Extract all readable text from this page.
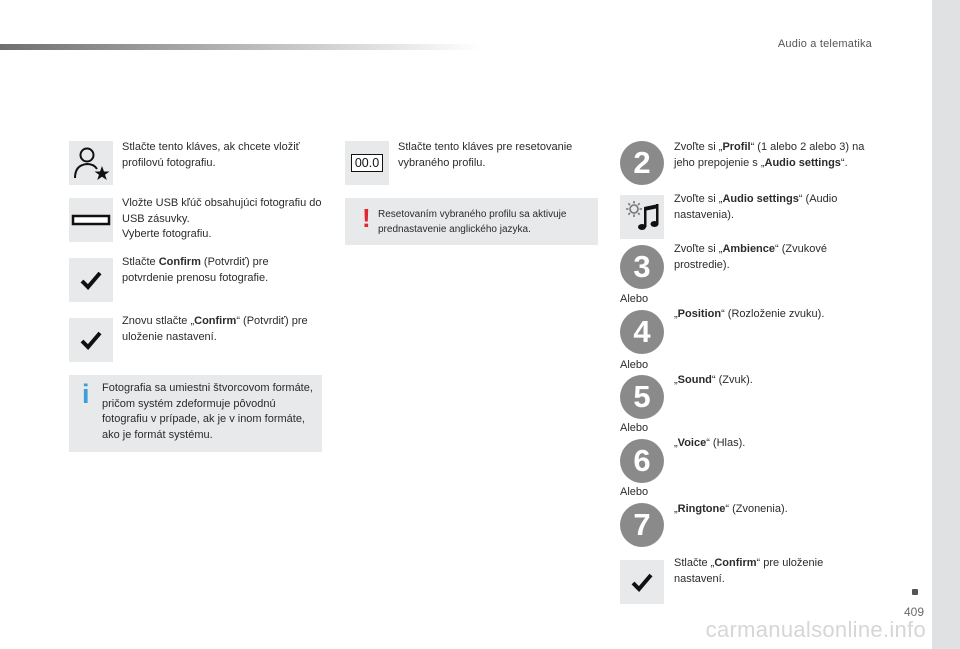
Audio a telematika
Stlačte tento kláves, ak chcete vložiť profilovú fotografiu.
Vložte USB kľúč obsahujúci fotografiu do USB zásuvky.
Vyberte fotografiu.
Stlačte Confirm (Potvrdiť) pre potvrdenie prenosu fotografie.
Znovu stlačte „Confirm“ (Potvrdiť) pre uloženie nastavení.
i Fotografia sa umiestni štvorcovom formáte, pričom systém zdeformuje pôvodnú fotografiu v prípade, ak je v inom formáte, ako je formát systému.
00.0
Stlačte tento kláves pre resetovanie vybraného profilu.
! Resetovaním vybraného profilu sa aktivuje prednastavenie anglického jazyka.
2	Zvoľte si „Profil“ (1 alebo 2 alebo 3) na jeho prepojenie s „Audio settings“.
Zvoľte si „Audio settings“ (Audio nastavenia).
3	Zvoľte si „Ambience“ (Zvukové prostredie).
Alebo
4	„Position“ (Rozloženie zvuku).
Alebo
5	„Sound“ (Zvuk).
Alebo
6	„Voice“ (Hlas).
Alebo
7	„Ringtone“ (Zvonenia).
Stlačte „Confirm“ pre uloženie nastavení.
409
carmanualsonline.info
